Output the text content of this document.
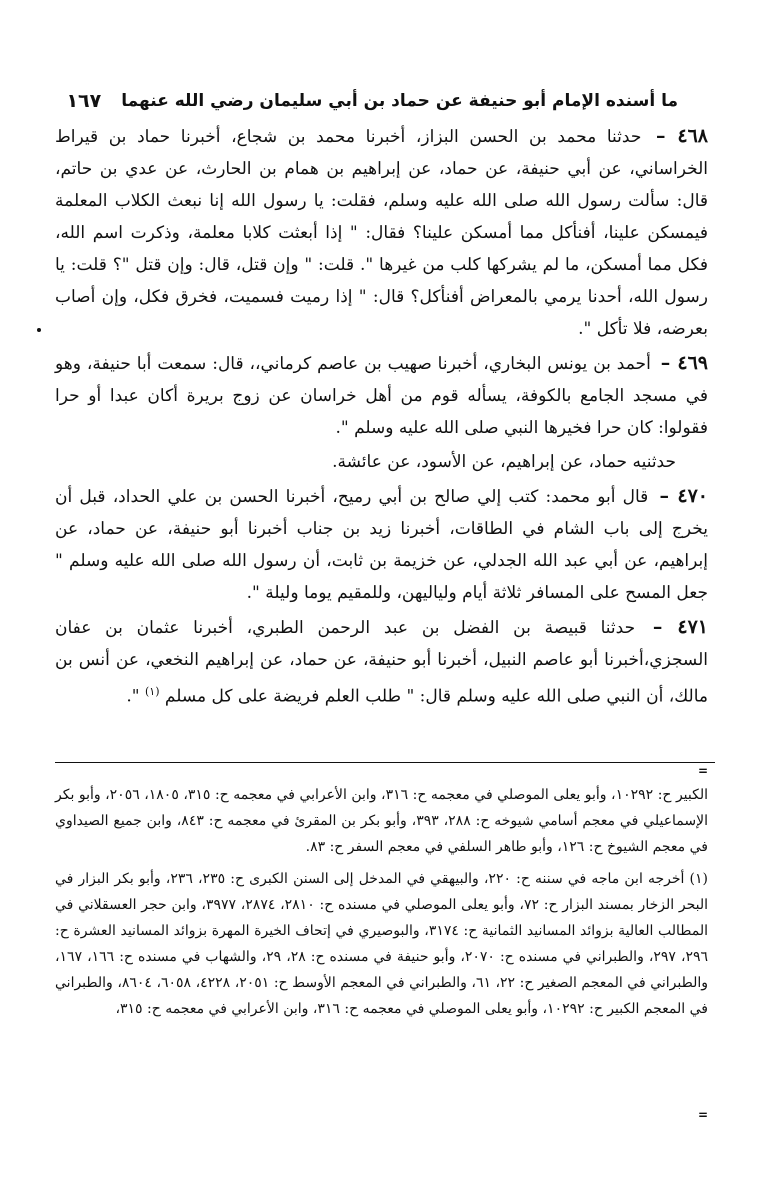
ما أسنده الإمام أبو حنيفة عن حماد بن أبي سليمان رضي الله عنهما
١٦٧

٤٦٨ – حدثنا محمد بن الحسن البزاز، أخبرنا محمد بن شجاع، أخبرنا حماد بن قيراط الخراساني، عن أبي حنيفة، عن حماد، عن إبراهيم بن همام بن الحارث، عن عدي بن حاتم، قال: سألت رسول الله صلى الله عليه وسلم، فقلت: يا رسول الله إنا نبعث الكلاب المعلمة فيمسكن علينا، أفنأكل مما أمسكن علينا؟ فقال: " إذا أبعثت كلابا معلمة، وذكرت اسم الله، فكل مما أمسكن، ما لم يشركها كلب من غيرها ". قلت: " وإن قتل، قال: وإن قتل "؟ قلت: يا رسول الله، أحدنا يرمي بالمعراض أفنأكل؟ قال: " إذا رميت فسميت، فخرق فكل، وإن أصاب بعرضه، فلا تأكل ".

٤٦٩ – أحمد بن يونس البخاري، أخبرنا صهيب بن عاصم كرماني،، قال: سمعت أبا حنيفة، وهو في مسجد الجامع بالكوفة، يسأله قوم من أهل خراسان عن زوج بريرة أكان عبدا أو حرا فقولوا: كان حرا فخيرها النبي صلى الله عليه وسلم ".

حدثنيه حماد، عن إبراهيم، عن الأسود، عن عائشة.

٤٧٠ – قال أبو محمد: كتب إلي صالح بن أبي رميح، أخبرنا الحسن بن علي الحداد، قبل أن يخرج إلى باب الشام في الطاقات، أخبرنا زيد بن جناب أخبرنا أبو حنيفة، عن حماد، عن إبراهيم، عن أبي عبد الله الجدلي، عن خزيمة بن ثابت، أن رسول الله صلى الله عليه وسلم " جعل المسح على المسافر ثلاثة أيام ولياليهن، وللمقيم يوما وليلة ".

٤٧١ – حدثنا قبيصة بن الفضل بن عبد الرحمن الطبري، أخبرنا عثمان بن عفان السجزي،أخبرنا أبو عاصم النبيل، أخبرنا أبو حنيفة، عن حماد، عن إبراهيم النخعي، عن أنس بن مالك، أن النبي صلى الله عليه وسلم قال: " طلب العلم فريضة على كل مسلم $^{(١)}$ ".

=

الكبير ح: ١٠٢٩٢، وأبو يعلى الموصلي في معجمه ح: ٣١٦، وابن الأعرابي في معجمه ح: ٣١٥، ١٨٠٥، ٢٠٥٦، وأبو بكر الإسماعيلي في معجم أسامي شيوخه ح: ٢٨٨، ٣٩٣، وأبو بكر بن المقرئ في معجمه ح: ٨٤٣، وابن جميع الصيداوي في معجم الشيوخ ح: ١٢٦، وأبو طاهر السلفي في معجم السفر ح: ٨٣.

(١) أخرجه ابن ماجه في سننه ح: ٢٢٠، والبيهقي في المدخل إلى السنن الكبرى ح: ٢٣٥، ٢٣٦، وأبو بكر البزار في البحر الزخار بمسند البزار ح: ٧٢، وأبو يعلى الموصلي في مسنده ح: ٢٨١٠، ٢٨٧٤، ٣٩٧٧، وابن حجر العسقلاني في المطالب العالية بزوائد المسانيد الثمانية ح: ٣١٧٤، والبوصيري في إتحاف الخيرة المهرة بزوائد المسانيد العشرة ح: ٢٩٦، ٢٩٧، والطبراني في مسنده ح: ٢٠٧٠، وأبو حنيفة في مسنده ح: ٢٨، ٢٩، والشهاب في مسنده ح: ١٦٦، ١٦٧، والطبراني في المعجم الصغير ح: ٢٢، ٦١، والطبراني في المعجم الأوسط ح: ٢٠٥١، ٤٢٢٨، ٦٠٥٨، ٨٦٠٤، والطبراني في المعجم الكبير ح: ١٠٢٩٢، وأبو يعلى الموصلي في معجمه ح: ٣١٦، وابن الأعرابي في معجمه ح: ٣١٥،

=
